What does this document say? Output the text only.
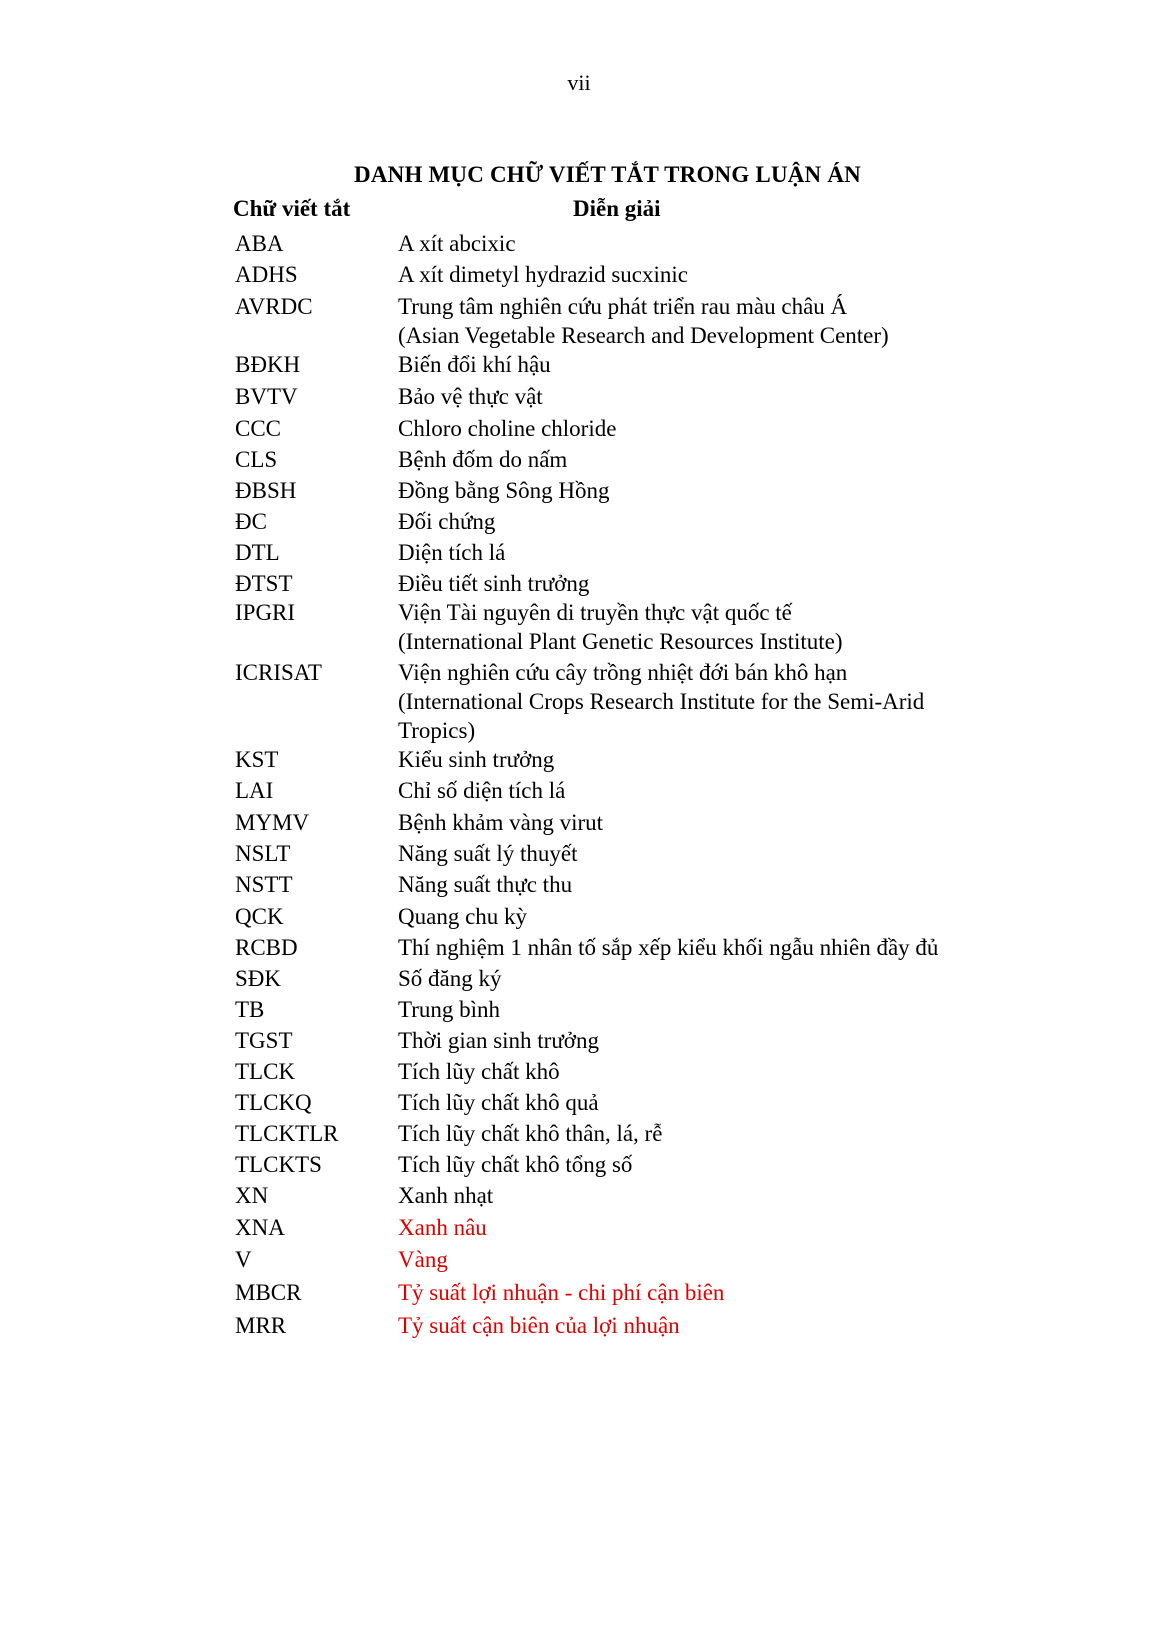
vii
DANH MỤC CHỮ VIẾT TẮT TRONG LUẬN ÁN
Chữ viết tắt	Diễn giải
ABA	A xít abcixic
ADHS	A xít dimetyl hydrazid sucxinic
AVRDC	Trung tâm nghiên cứu phát triển rau màu châu Á
(Asian Vegetable Research and Development Center)
BĐKH	Biến đổi khí hậu
BVTV	Bảo vệ thực vật
CCC	Chloro choline chloride
CLS	Bệnh đốm do nấm
ĐBSH	Đồng bằng Sông Hồng
ĐC	Đối chứng
DTL	Diện tích lá
ĐTST	Điều tiết sinh trưởng
IPGRI	Viện Tài nguyên di truyền thực vật quốc tế
(International Plant Genetic Resources Institute)
ICRISAT	Viện nghiên cứu cây trồng nhiệt đới bán khô hạn
(International Crops Research Institute for the Semi-Arid
Tropics)
KST	Kiểu sinh trưởng
LAI	Chỉ số diện tích lá
MYMV	Bệnh khảm vàng virut
NSLT	Năng suất lý thuyết
NSTT	Năng suất thực thu
QCK	Quang chu kỳ
RCBD	Thí nghiệm 1 nhân tố sắp xếp kiểu khối ngẫu nhiên đầy đủ
SĐK	Số đăng ký
TB	Trung bình
TGST	Thời gian sinh trưởng
TLCK	Tích lũy chất khô
TLCKQ	Tích lũy chất khô quả
TLCKTLR	Tích lũy chất khô thân, lá, rễ
TLCKTS	Tích lũy chất khô tổng số
XN	Xanh nhạt
XNA	Xanh nâu
V	Vàng
MBCR	Tỷ suất lợi nhuận - chi phí cận biên
MRR	Tỷ suất cận biên của lợi nhuận
